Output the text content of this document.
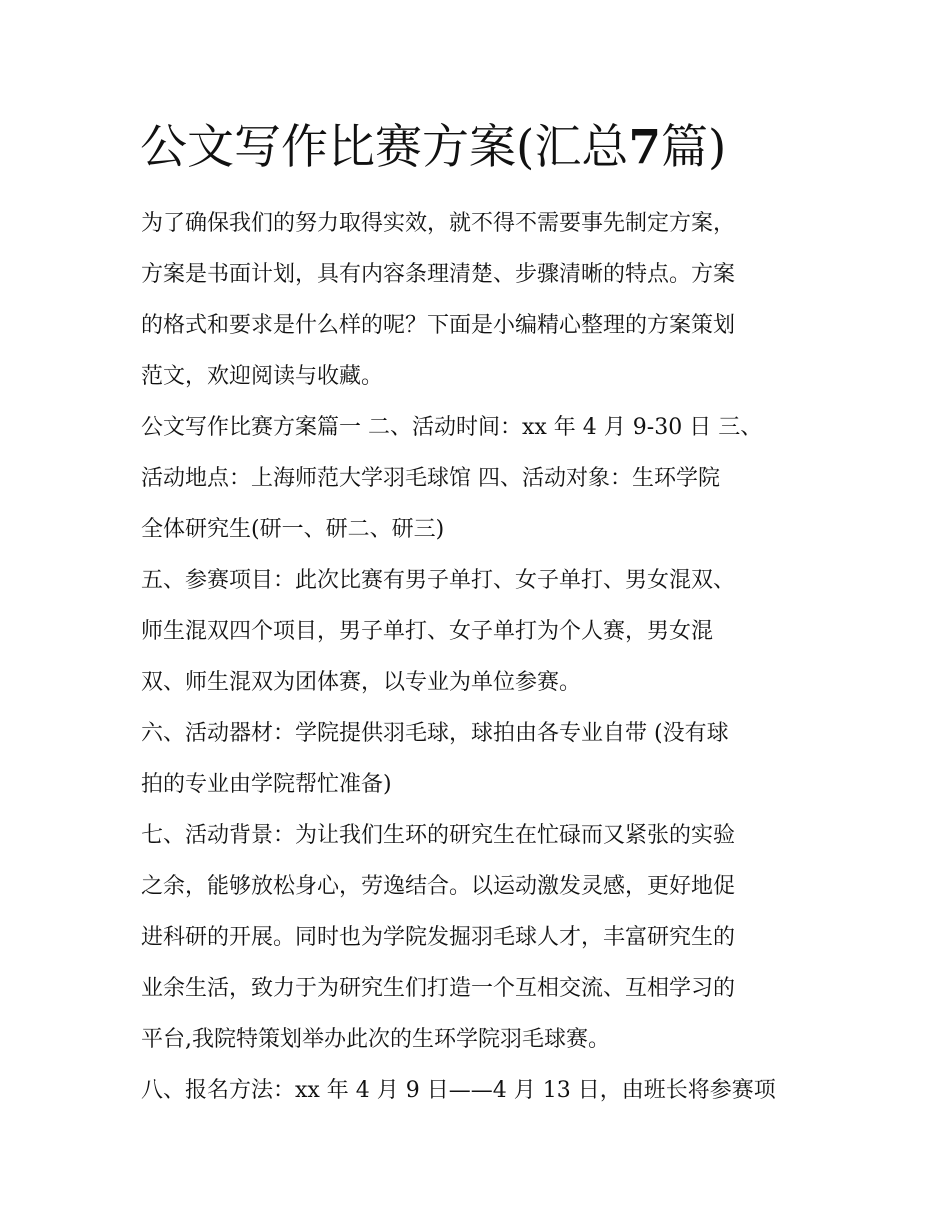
公文写作比赛方案(汇总7篇)

为了确保我们的努力取得实效，就不得不需要事先制定方案，
方案是书面计划，具有内容条理清楚、步骤清晰的特点。方案
的格式和要求是什么样的呢？下面是小编精心整理的方案策划
范文，欢迎阅读与收藏。

公文写作比赛方案篇一 二、活动时间：xx 年 4 月 9-30 日 三、
活动地点：上海师范大学羽毛球馆 四、活动对象：生环学院
全体研究生(研一、研二、研三)

五、参赛项目：此次比赛有男子单打、女子单打、男女混双、
师生混双四个项目，男子单打、女子单打为个人赛，男女混
双、师生混双为团体赛，以专业为单位参赛。

六、活动器材：学院提供羽毛球，球拍由各专业自带 (没有球
拍的专业由学院帮忙准备)

七、活动背景：为让我们生环的研究生在忙碌而又紧张的实验
之余，能够放松身心，劳逸结合。以运动激发灵感，更好地促
进科研的开展。同时也为学院发掘羽毛球人才，丰富研究生的
业余生活，致力于为研究生们打造一个互相交流、互相学习的
平台,我院特策划举办此次的生环学院羽毛球赛。

八、报名方法：xx 年 4 月 9 日——4 月 13 日，由班长将参赛项
